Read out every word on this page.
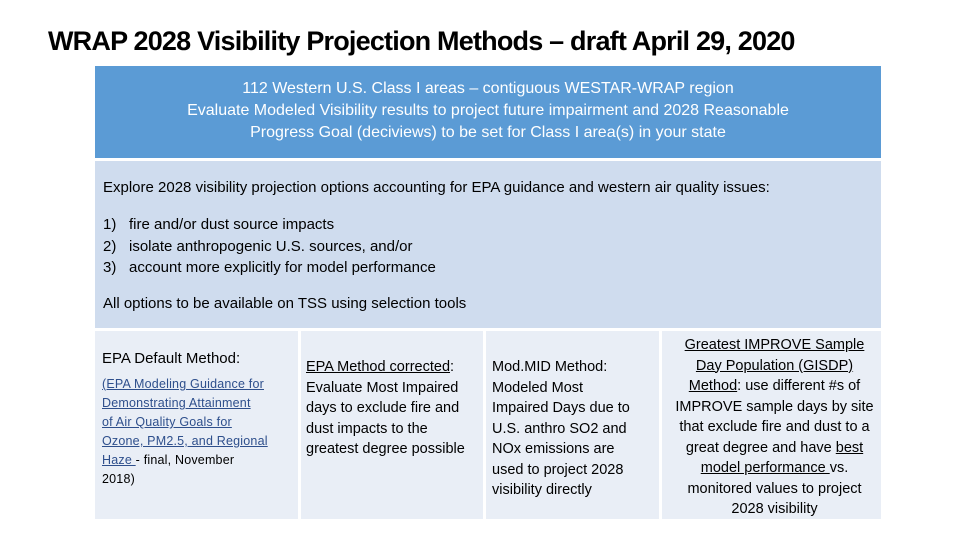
WRAP 2028 Visibility Projection Methods – draft April 29, 2020
112 Western U.S. Class I areas – contiguous WESTAR-WRAP region
Evaluate Modeled Visibility results to project future impairment and 2028 Reasonable
Progress Goal (deciviews) to be set for Class I area(s) in your state

Explore 2028 visibility projection options accounting for EPA guidance and western air quality issues:

1) fire and/or dust source impacts
2) isolate anthropogenic U.S. sources, and/or
3) account more explicitly for model performance

All options to be available on TSS using selection tools

EPA Default Method:
(EPA Modeling Guidance for
Demonstrating Attainment
of Air Quality Goals for
Ozone, PM2.5, and Regional
Haze - final, November
2018)
EPA Method corrected:
Evaluate Most Impaired
days to exclude fire and
dust impacts to the
greatest degree possible
Mod.MID Method:
Modeled Most
Impaired Days due to
U.S. anthro SO2 and
NOx emissions are
used to project 2028
visibility directly
Greatest IMPROVE Sample
Day Population (GISDP)
Method: use different #s of
IMPROVE sample days by site
that exclude fire and dust to a
great degree and have best
model performance vs.
monitored values to project
2028 visibility
